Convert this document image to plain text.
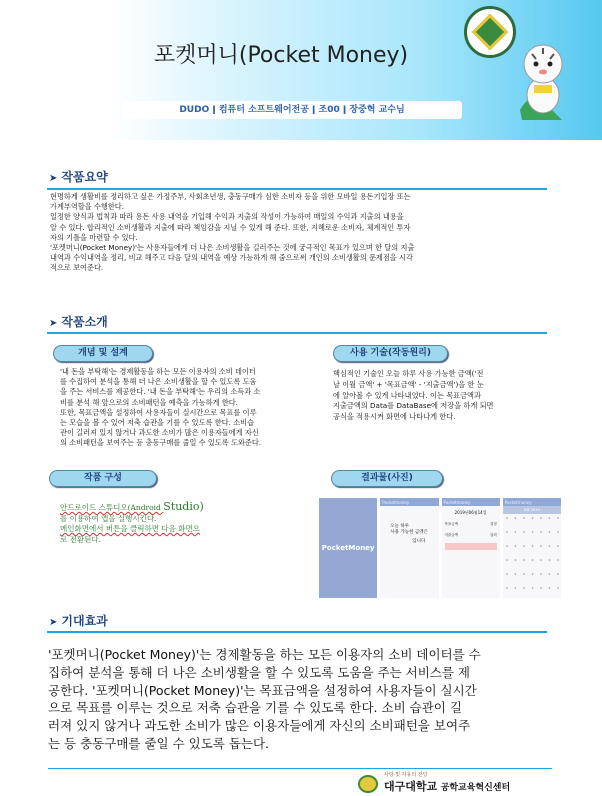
포켓머니(Pocket Money)
DUDO ǀ 컴퓨터 소프트웨어전공 ǀ 조00 ǀ 장중혁 교수님
➤ 작품요약
현명하게 생활비를 정리하고 싶은 가정주부, 사회초년생, 충동구매가 심한 소비자 등을 위한 모바일 용돈기입장 또는
가계부역할을 수행한다.
일정한 양식과 법칙과 따라 용돈 사용 내역을 기입해 수익과 지출의 작성이 가능하여 매일의 수익과 지출의 내용을
알 수 있다. 합리적인 소비생활과 지출에 따라 책임감을 지닐 수 있게 해 준다. 또한, 지혜로운 소비자, 체계적인 투자
자의 기틀을 마련할 수 있다.
'포켓머니(Pocket Money)'는 사용자들에게 더 나은 소비생활을 길러주는 것에 궁극적인 목표가 있으며 한 달의 지출
내역과 수익내역을 정리, 비교 해주고 다음 달의 내역을 예상 가능하게 해 줌으로써 개인의 소비생활의 문제점을 시각
적으로 보여준다.
➤ 작품소개
개념 및 설계
'내 돈을 부탁해'는 경제활동을 하는 모든 이용자의 소비 데이터
를 수집하여 분석을 통해 더 나은 소비생활을 할 수 있도록 도움
을 주는 서비스를 제공한다. '내 돈을 부탁해'는 우리의 소득과 소
비를 분석 해 앞으로의 소비패턴을 예측을 가능하게 한다.
또한, 목표금액을 설정하여 사용자들이 실시간으로 목표를 이루
는 모습을 볼 수 있어 저축 습관을 기를 수 있도록 한다. 소비습
관이 길러져 있지 않거나 과도한 소비가 많은 이용자들에게 자신
의 소비패턴을 보여주는 등 충동구매를 줄일 수 있도록 도와준다.
사용 기술(작동원리)
핵심적인 기술인 오늘 하루 사용 가능한 금액('전
날 이월 금액' + '목표금액' - '지출금액')을 한 눈
에 알아볼 수 있게 나타내었다. 이는 목표금액과
지출금액의 Data를 DataBase에 저장을 하게 되면
공식을 적용시켜 화면에 나타나게 한다.
작품 구성
안드로이드 스튜디오(Android Studio)
를 이용하여 앱을 실행시킨다.
메인화면에서 버튼을 클릭하면 다음 화면으
로 전환된다.
결과물(사진)
PocketMoney
Pocketmoney
오늘 하루
사용 가능한 금액은
입니다
Pocketmoney
2019년06월14일
목표금액	설정
지출금액	입력
Pocketmoney
6월 2019
➤ 기대효과
'포켓머니(Pocket Money)'는 경제활동을 하는 모든 이용자의 소비 데이터를 수
집하여 분석을 통해 더 나은 소비생활을 할 수 있도록 도움을 주는 서비스를 제
공한다. '포켓머니(Pocket Money)'는 목표금액을 설정하여 사용자들이 실시간
으로 목표를 이루는 것으로 저축 습관을 기를 수 있도록 한다. 소비 습관이 길
러져 있지 않거나 과도한 소비가 많은 이용자들에게 자신의 소비패턴을 보여주
는 등 충동구매를 줄일 수 있도록 돕는다.
사랑·빛·자유의 전당
대구대학교 공학교육혁신센터
